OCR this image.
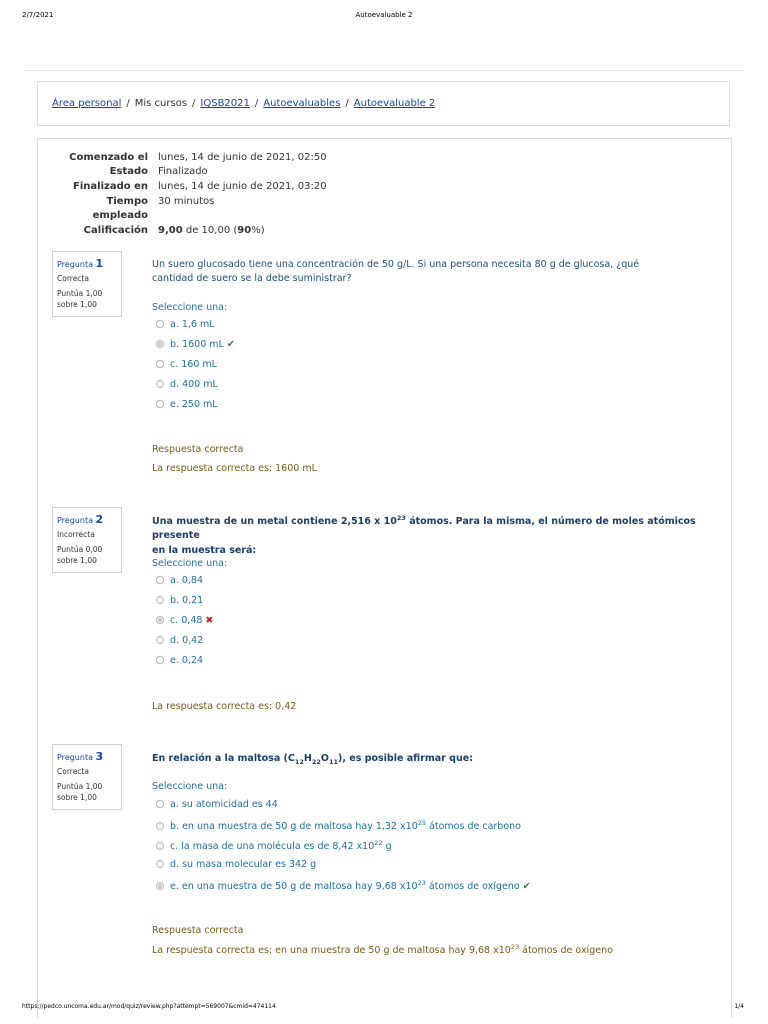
2/7/2021	Autoevaluable 2
Área personal / Mis cursos / IQSB2021 / Autoevaluables / Autoevaluable 2
Comenzado el lunes, 14 de junio de 2021, 02:50
Estado Finalizado
Finalizado en lunes, 14 de junio de 2021, 03:20
Tiempo 30 minutos
empleado
Calificación 9,00 de 10,00 (90%)
Pregunta 1
Correcta
Puntúa 1,00
sobre 1,00
Un suero glucosado tiene una concentración de 50 g/L. Si una persona necesita 80 g de glucosa, ¿qué
cantidad de suero se la debe suministrar?
Seleccione una:
a. 1,6 mL
b. 1600 mL ✔
c. 160 mL
d. 400 mL
e. 250 mL
Respuesta correcta
La respuesta correcta es: 1600 mL
Pregunta 2
Incorrecta
Puntúa 0,00
sobre 1,00
Una muestra de un metal contiene 2,516 x $10^{23}$ átomos. Para la misma, el número de moles atómicos presente
en la muestra será:
Seleccione una:
a. 0,84
b. 0,21
c. 0,48 ✖
d. 0,42
e. 0,24
La respuesta correcta es: 0,42
Pregunta 3
Correcta
Puntúa 1,00
sobre 1,00
En relación a la maltosa $(C_{12}H_{22}O_{11})$, es posible afirmar que:
Seleccione una:
a. su atomicidad es 44
b. en una muestra de 50 g de maltosa hay 1,32 $x10^{25}$ átomos de carbono
c. la masa de una molécula es de 8,42 $x10^{22}$ g
d. su masa molecular es 342 g
e. en una muestra de 50 g de maltosa hay 9,68 $x10^{23}$ átomos de oxígeno ✔
Respuesta correcta
La respuesta correcta es: en una muestra de 50 g de maltosa hay 9,68 $x10^{23}$ átomos de oxígeno
https://pedco.uncoma.edu.ar/mod/quiz/review.php?attempt=569007&cmid=474114	1/4
